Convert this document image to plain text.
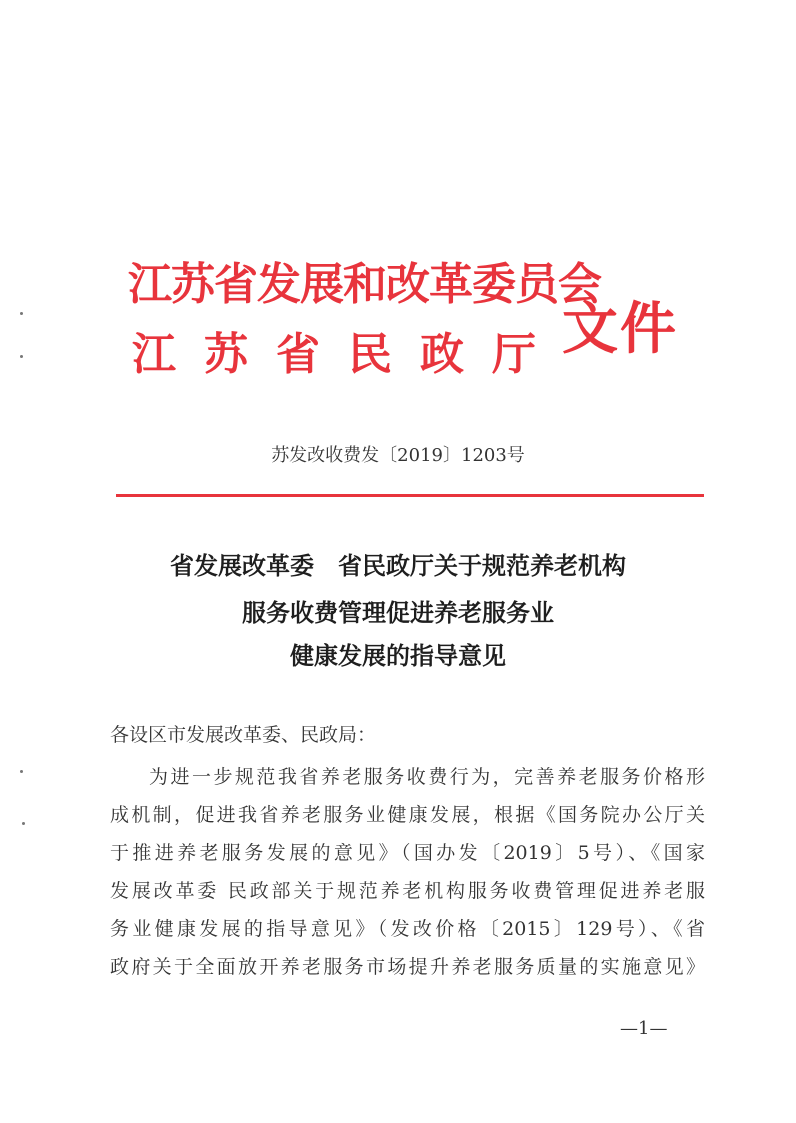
江苏省发展和改革委员会
江苏省民政厅
文件
苏发改收费发〔2019〕1203号
省发展改革委　省民政厅关于规范养老机构
服务收费管理促进养老服务业
健康发展的指导意见
各设区市发展改革委、民政局：
为进一步规范我省养老服务收费行为，完善养老服务价格形
成机制，促进我省养老服务业健康发展，根据《国务院办公厅关
于推进养老服务发展的意见》（国办发〔2019〕5号）、《国家
发展改革委 民政部关于规范养老机构服务收费管理促进养老服
务业健康发展的指导意见》（发改价格〔2015〕129号）、《省
政府关于全面放开养老服务市场提升养老服务质量的实施意见》
—1—
